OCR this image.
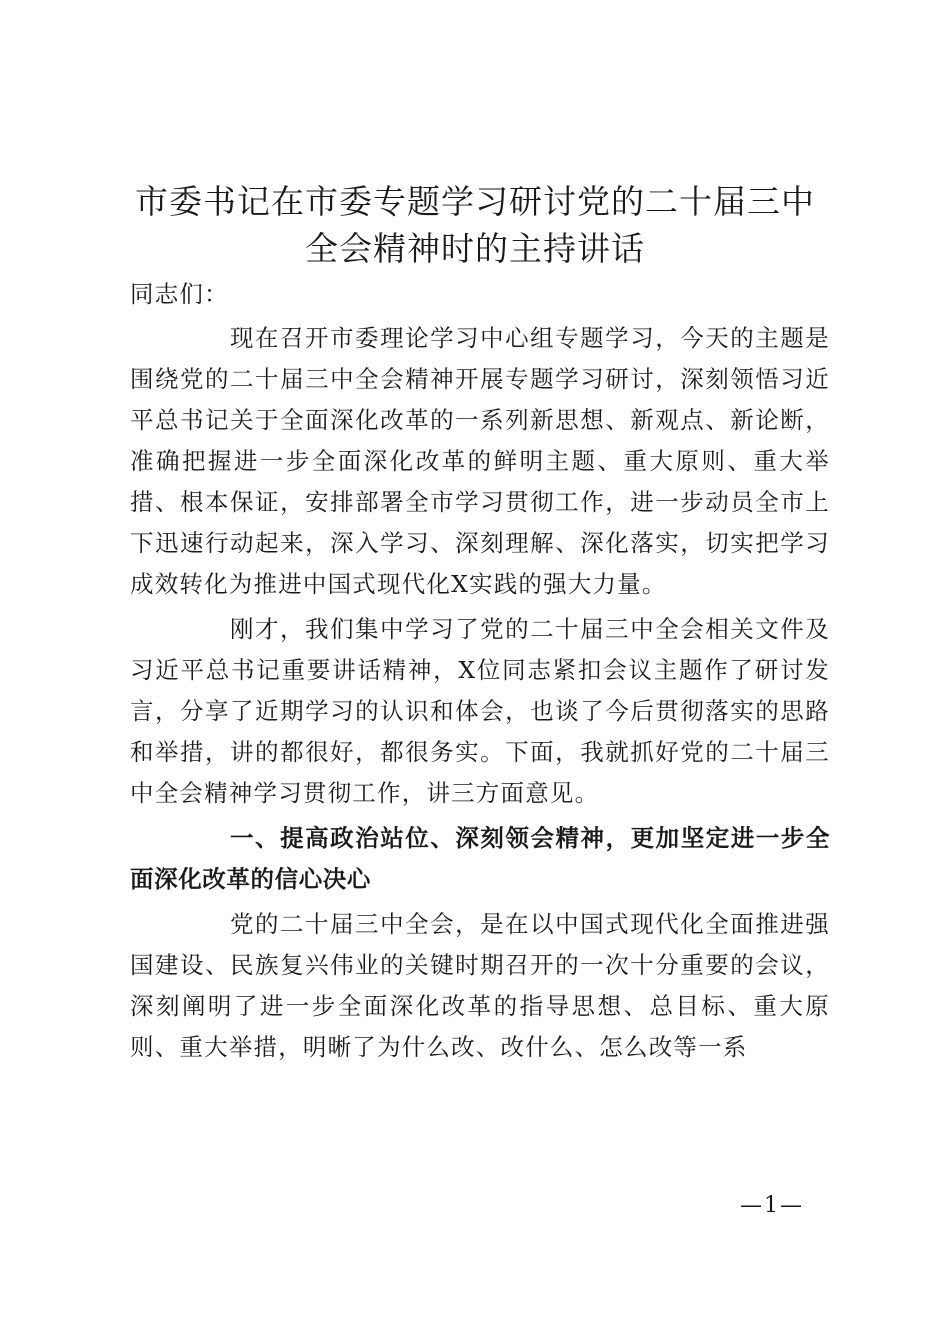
市委书记在市委专题学习研讨党的二十届三中
全会精神时的主持讲话

同志们：

现在召开市委理论学习中心组专题学习，今天的主题是围绕党的二十届三中全会精神开展专题学习研讨，深刻领悟习近平总书记关于全面深化改革的一系列新思想、新观点、新论断，准确把握进一步全面深化改革的鲜明主题、重大原则、重大举措、根本保证，安排部署全市学习贯彻工作，进一步动员全市上下迅速行动起来，深入学习、深刻理解、深化落实，切实把学习成效转化为推进中国式现代化X实践的强大力量。

刚才，我们集中学习了党的二十届三中全会相关文件及习近平总书记重要讲话精神，X位同志紧扣会议主题作了研讨发言，分享了近期学习的认识和体会，也谈了今后贯彻落实的思路和举措，讲的都很好，都很务实。下面，我就抓好党的二十届三中全会精神学习贯彻工作，讲三方面意见。

一、提高政治站位、深刻领会精神，更加坚定进一步全面深化改革的信心决心

党的二十届三中全会，是在以中国式现代化全面推进强国建设、民族复兴伟业的关键时期召开的一次十分重要的会议，深刻阐明了进一步全面深化改革的指导思想、总目标、重大原则、重大举措，明晰了为什么改、改什么、怎么改等一系

—1—
